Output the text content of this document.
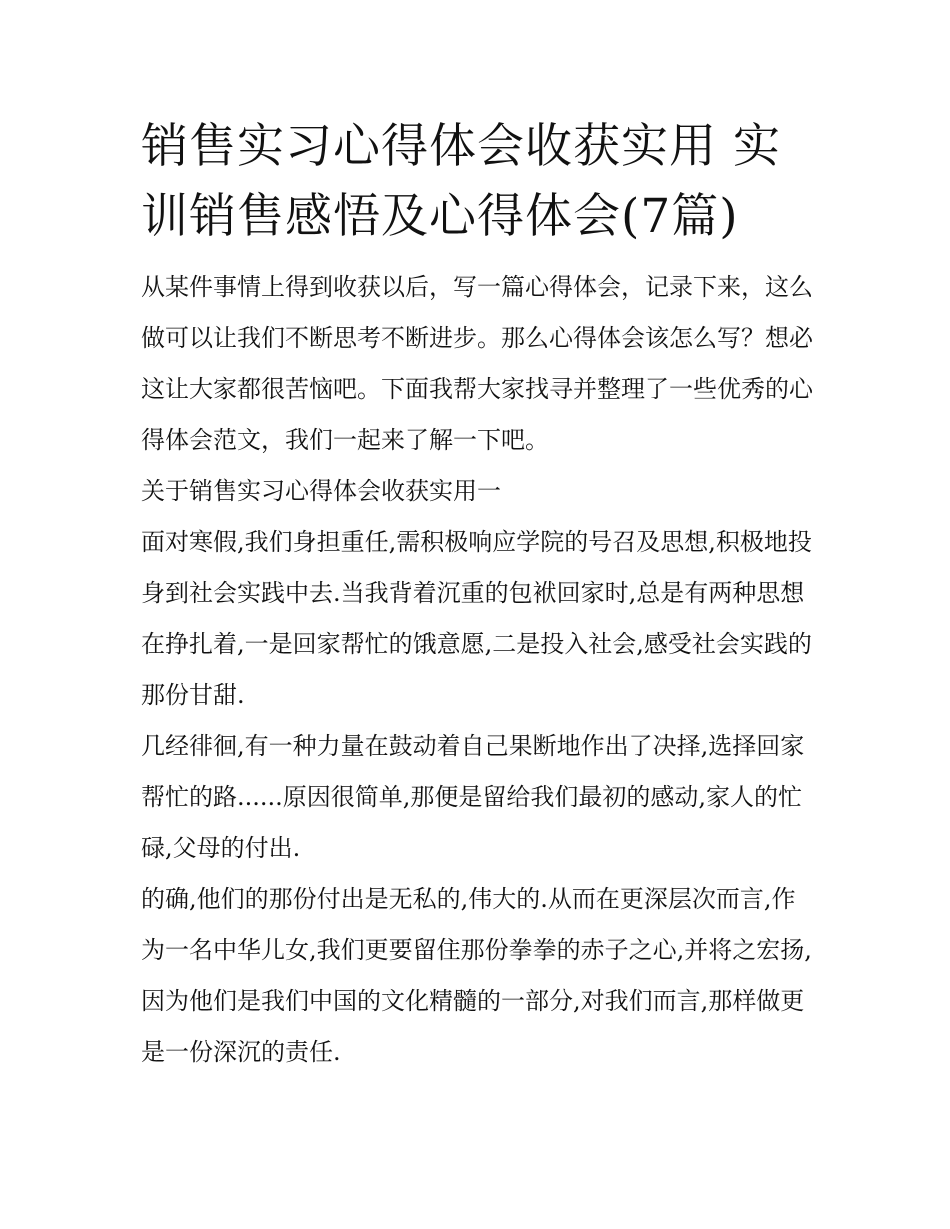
销售实习心得体会收获实用 实训销售感悟及心得体会(7篇)

从某件事情上得到收获以后，写一篇心得体会，记录下来，这么做可以让我们不断思考不断进步。那么心得体会该怎么写？想必这让大家都很苦恼吧。下面我帮大家找寻并整理了一些优秀的心得体会范文，我们一起来了解一下吧。

关于销售实习心得体会收获实用一

面对寒假,我们身担重任,需积极响应学院的号召及思想,积极地投身到社会实践中去.当我背着沉重的包袱回家时,总是有两种思想在挣扎着,一是回家帮忙的饿意愿,二是投入社会,感受社会实践的那份甘甜.

几经徘徊,有一种力量在鼓动着自己果断地作出了决择,选择回家帮忙的路......原因很简单,那便是留给我们最初的感动,家人的忙碌,父母的付出.

的确,他们的那份付出是无私的,伟大的.从而在更深层次而言,作为一名中华儿女,我们更要留住那份拳拳的赤子之心,并将之宏扬,因为他们是我们中国的文化精髓的一部分,对我们而言,那样做更是一份深沉的责任.
